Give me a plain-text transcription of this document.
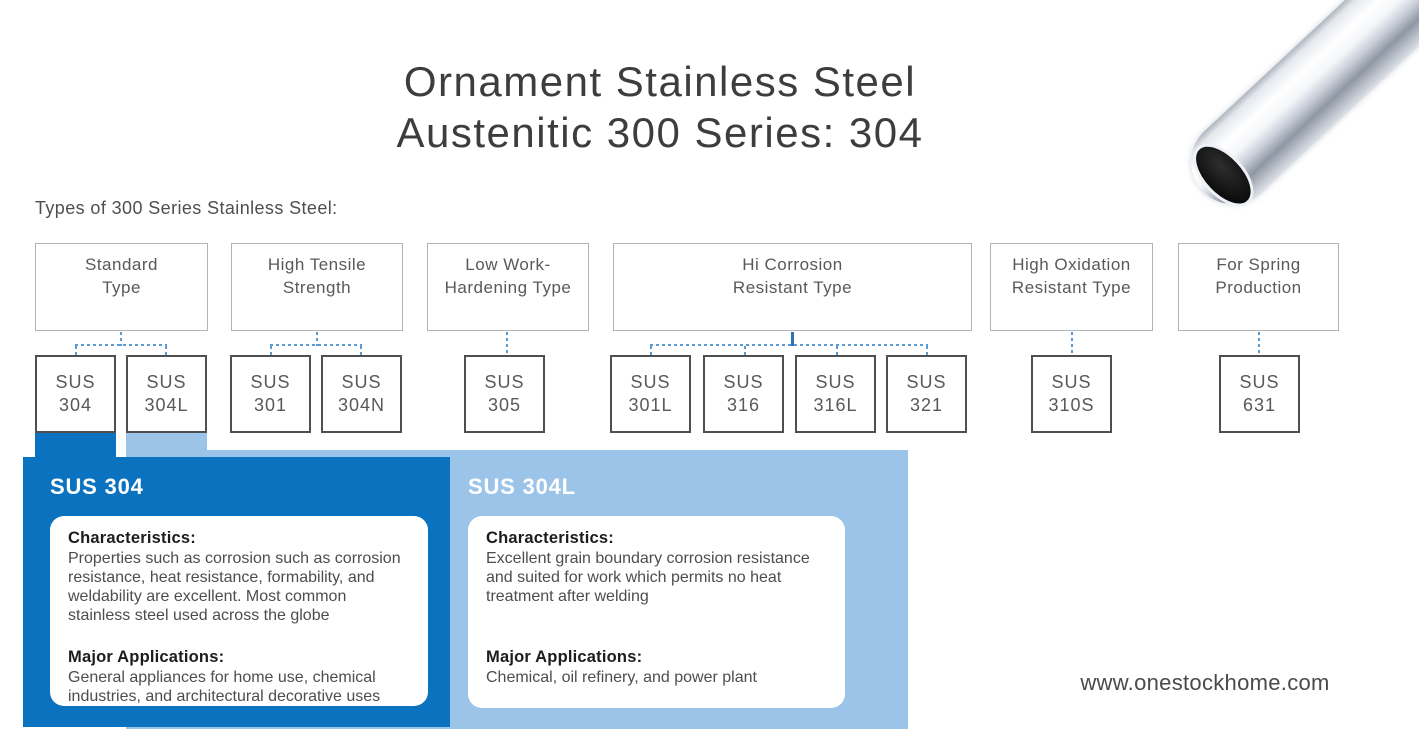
Ornament Stainless Steel
Austenitic 300 Series: 304
Types of 300 Series Stainless Steel:
Standard
Type
High Tensile
Strength
Low Work-
Hardening Type
Hi Corrosion
Resistant Type
High Oxidation
Resistant Type
For Spring
Production
SUS
304
SUS
304L
SUS
301
SUS
304N
SUS
305
SUS
301L
SUS
316
SUS
316L
SUS
321
SUS
310S
SUS
631
SUS 304
Characteristics:
Properties such as corrosion such as corrosion resistance, heat resistance, formability, and weldability are excellent. Most common stainless steel used across the globe
Major Applications:
General appliances for home use, chemical industries, and architectural decorative uses
SUS 304L
Characteristics:
Excellent grain boundary corrosion resistance and suited for work which permits no heat treatment after welding
Major Applications:
Chemical, oil refinery, and power plant	www.onestockhome.com
